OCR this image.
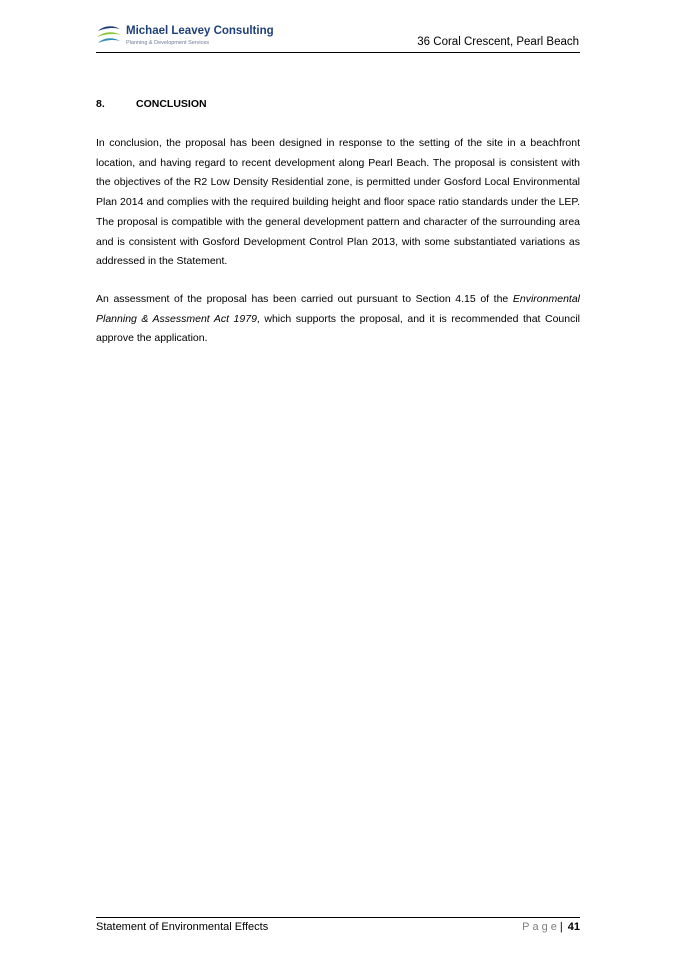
Michael Leavey Consulting
Planning & Development Services	36 Coral Crescent, Pearl Beach
8.	CONCLUSION

In conclusion, the proposal has been designed in response to the setting of the site in a beachfront location, and having regard to recent development along Pearl Beach. The proposal is consistent with the objectives of the R2 Low Density Residential zone, is permitted under Gosford Local Environmental Plan 2014 and complies with the required building height and floor space ratio standards under the LEP. The proposal is compatible with the general development pattern and character of the surrounding area and is consistent with Gosford Development Control Plan 2013, with some substantiated variations as addressed in the Statement.

An assessment of the proposal has been carried out pursuant to Section 4.15 of the Environmental Planning & Assessment Act 1979, which supports the proposal, and it is recommended that Council approve the application.

Statement of Environmental Effects	Page| 41
